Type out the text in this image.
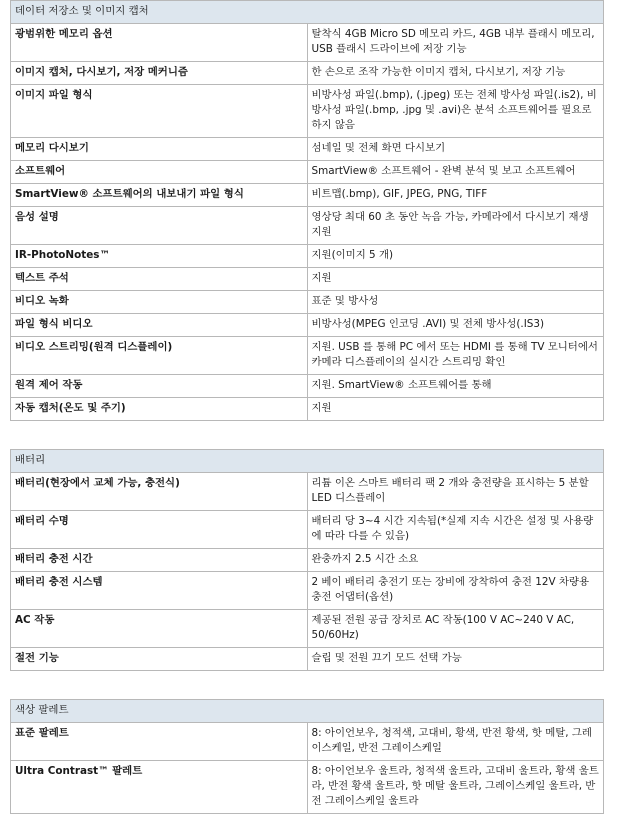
데이터 저장소 및 이미지 캡처	
광범위한 메모리 옵션	탈착식 4GB Micro SD 메모리 카드, 4GB 내부 플래시 메모리, USB 플래시 드라이브에 저장 기능
이미지 캡처, 다시보기, 저장 메커니즘	한 손으로 조작 가능한 이미지 캡처, 다시보기, 저장 기능
이미지 파일 형식	비방사성 파일(.bmp), (.jpeg) 또는 전체 방사성 파일(.is2), 비방사성 파일(.bmp, .jpg 및 .avi)은 분석 소프트웨어를 필요로 하지 않음
메모리 다시보기	섬네일 및 전체 화면 다시보기
소프트웨어	SmartView® 소프트웨어 - 완벽 분석 및 보고 소프트웨어
SmartView® 소프트웨어의 내보내기 파일 형식	비트맵(.bmp), GIF, JPEG, PNG, TIFF
음성 설명	영상당 최대 60 초 동안 녹음 가능, 카메라에서 다시보기 재생 지원
IR-PhotoNotes™	지원(이미지 5 개)
텍스트 주석	지원
비디오 녹화	표준 및 방사성
파일 형식 비디오	비방사성(MPEG 인코딩 .AVI) 및 전체 방사성(.IS3)
비디오 스트리밍(원격 디스플레이)	지원. USB 를 통해 PC 에서 또는 HDMI 를 통해 TV 모니터에서 카메라 디스플레이의 실시간 스트리밍 확인
원격 제어 작동	지원. SmartView® 소프트웨어를 통해
자동 캡처(온도 및 주기)	지원
배터리	
배터리(현장에서 교체 가능, 충전식)	리튬 이온 스마트 배터리 팩 2 개와 충전량을 표시하는 5 분할 LED 디스플레이
배터리 수명	배터리 당 3~4 시간 지속됨(*실제 지속 시간은 설정 및 사용량에 따라 다를 수 있음)
배터리 충전 시간	완충까지 2.5 시간 소요
배터리 충전 시스템	2 베이 배터리 충전기 또는 장비에 장착하여 충전 12V 차량용 충전 어댑터(옵션)
AC 작동	제공된 전원 공급 장치로 AC 작동(100 V AC~240 V AC, 50/60Hz)
절전 기능	슬립 및 전원 끄기 모드 선택 가능
색상 팔레트	
표준 팔레트	8: 아이언보우, 청적색, 고대비, 황색, 반전 황색, 핫 메탈, 그레이스케일, 반전 그레이스케일
Ultra Contrast™ 팔레트	8: 아이언보우 울트라, 청적색 울트라, 고대비 울트라, 황색 울트라, 반전 황색 울트라, 핫 메탈 울트라, 그레이스케일 울트라, 반전 그레이스케일 울트라
